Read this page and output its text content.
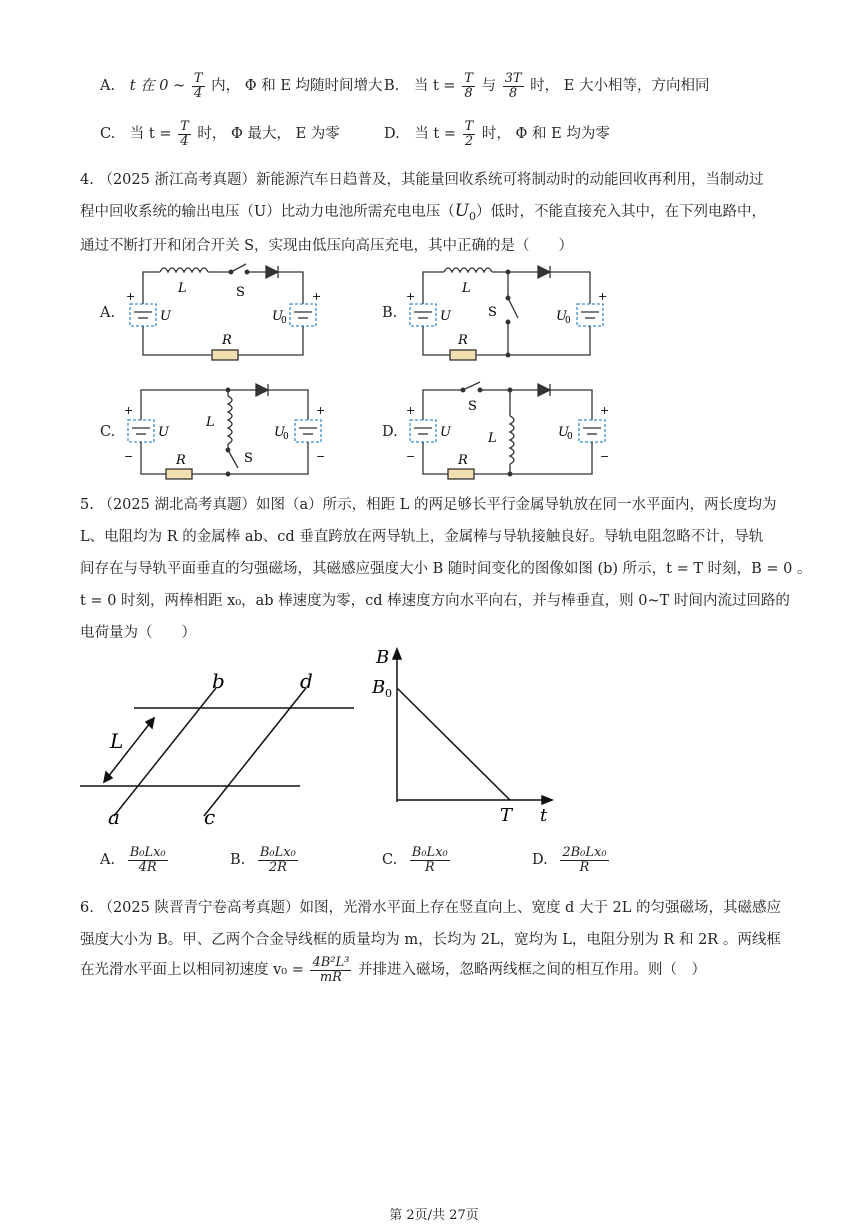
A. t 在 0 ~ $\frac{T}{4}$ 内， Φ 和 E 均随时间增大 B. 当 $t = \frac{T}{8}$ 与 $\frac{3T}{8}$ 时， E 大小相等，方向相同
C. 当 $t = \frac{T}{4}$ 时， Φ 最大， E 为零	D. 当 $t = \frac{T}{2}$ 时， Φ 和 E 均为零
4. （2025 浙江高考真题）新能源汽车日趋普及，其能量回收系统可将制动时的动能回收再利用，当制动过
程中回收系统的输出电压（U）比动力电池所需充电电压$(U_0)$低时，不能直接充入其中，在下列电路中，
通过不断打开和闭合开关 S，实现由低压向高压充电，其中正确的是（　　）
A.
+	+
U	U
0
L	S
R
B.
+	+
U	U
0
L
S
R
C.
+
−
+
−
U	U
0
L
S
R
D.
+
−
+
−
U	U
0
L
S
R
5. （2025 湖北高考真题）如图（a）所示，相距 L 的两足够长平行金属导轨放在同一水平面内，两长度均为
L、电阻均为 R 的金属棒 ab、cd 垂直跨放在两导轨上，金属棒与导轨接触良好。导轨电阻忽略不计，导轨
间存在与导轨平面垂直的匀强磁场，其磁感应强度大小 B 随时间变化的图像如图 (b) 所示，t = T 时刻，B = 0 。
t = 0 时刻，两棒相距 x₀，ab 棒速度为零，cd 棒速度方向水平向右，并与棒垂直，则 0~T 时间内流过回路的
电荷量为（　　）
L
a
b
c
d
B
B 0
T t
A. $\frac{\text{B₀Lx₀}}{4R}$	B. $\frac{\text{B₀Lx₀}}{2R}$	C. $\frac{\text{B₀Lx₀}}{R}$	D. $\frac{\text{2B₀Lx₀}}{R}$
6. （2025 陕晋青宁卷高考真题）如图，光滑水平面上存在竖直向上、宽度 d 大于 2L 的匀强磁场，其磁感应
强度大小为 B。甲、乙两个合金导线框的质量均为 m，长均为 2L，宽均为 L，电阻分别为 R 和 2R 。两线框
在光滑水平面上以相同初速度 $v_0 = \frac{\text{4B²L³}}{mR}$ 并排进入磁场，忽略两线框之间的相互作用。则（　）
第 2页/共 27页
